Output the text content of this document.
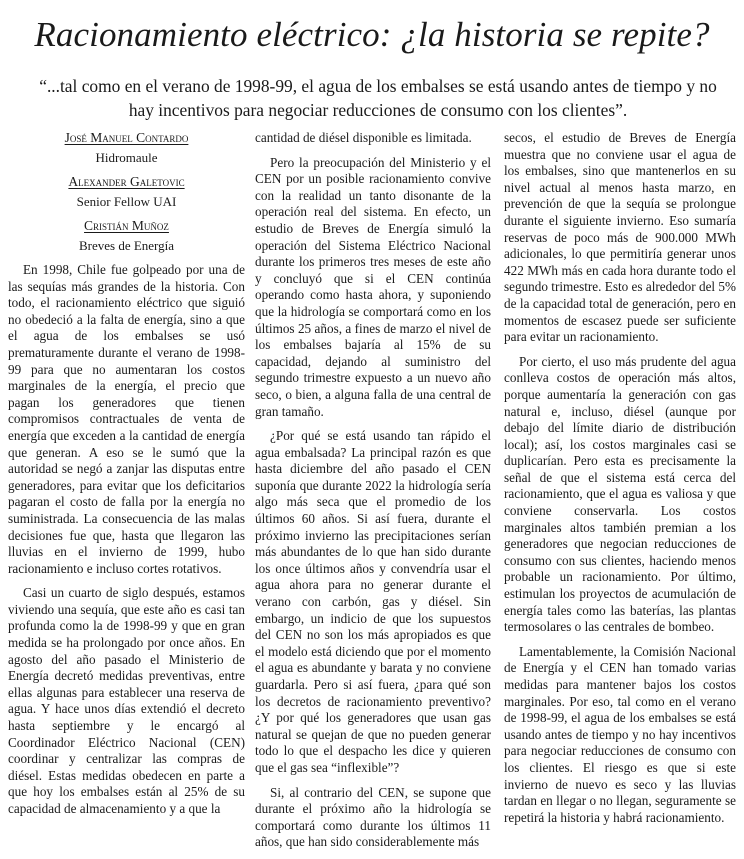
Racionamiento eléctrico: ¿la historia se repite?
“...tal como en el verano de 1998-99, el agua de los embalses se está usando antes de tiempo y no hay incentivos para negociar reducciones de consumo con los clientes”.

José Manuel Contardo

Hidromaule

Alexander Galetovic

Senior Fellow UAI

Cristián Muñoz

Breves de Energía

En 1998, Chile fue golpeado por una de las sequías más grandes de la historia. Con todo, el racionamiento eléctrico que siguió no obedeció a la falta de energía, sino a que el agua de los embalses se usó prematuramente durante el verano de 1998-99 para que no aumentaran los costos marginales de la energía, el precio que pagan los generadores que tienen compromisos contractuales de venta de energía que exceden a la cantidad de energía que generan. A eso se le sumó que la autoridad se negó a zanjar las disputas entre generadores, para evitar que los deficitarios pagaran el costo de falla por la energía no suministrada. La consecuencia de las malas decisiones fue que, hasta que llegaron las lluvias en el invierno de 1999, hubo racionamiento e incluso cortes rotativos.

Casi un cuarto de siglo después, estamos viviendo una sequía, que este año es casi tan profunda como la de 1998-99 y que en gran medida se ha prolongado por once años. En agosto del año pasado el Ministerio de Energía decretó medidas preventivas, entre ellas algunas para establecer una reserva de agua. Y hace unos días extendió el decreto hasta septiembre y le encargó al Coordinador Eléctrico Nacional (CEN) coordinar y centralizar las compras de diésel. Estas medidas obedecen en parte a que hoy los embalses están al 25% de su capacidad de almacenamiento y a que la

cantidad de diésel disponible es limitada.

Pero la preocupación del Ministerio y el CEN por un posible racionamiento convive con la realidad un tanto disonante de la operación real del sistema. En efecto, un estudio de Breves de Energía simuló la operación del Sistema Eléctrico Nacional durante los primeros tres meses de este año y concluyó que si el CEN continúa operando como hasta ahora, y suponiendo que la hidrología se comportará como en los últimos 25 años, a fines de marzo el nivel de los embalses bajaría al 15% de su capacidad, dejando al suministro del segundo trimestre expuesto a un nuevo año seco, o bien, a alguna falla de una central de gran tamaño.

¿Por qué se está usando tan rápido el agua embalsada? La principal razón es que hasta diciembre del año pasado el CEN suponía que durante 2022 la hidrología sería algo más seca que el promedio de los últimos 60 años. Si así fuera, durante el próximo invierno las precipitaciones serían más abundantes de lo que han sido durante los once últimos años y convendría usar el agua ahora para no generar durante el verano con carbón, gas y diésel. Sin embargo, un indicio de que los supuestos del CEN no son los más apropiados es que el modelo está diciendo que por el momento el agua es abundante y barata y no conviene guardarla. Pero si así fuera, ¿para qué son los decretos de racionamiento preventivo? ¿Y por qué los generadores que usan gas natural se quejan de que no pueden generar todo lo que el despacho les dice y quieren que el gas sea “inflexible”?

Si, al contrario del CEN, se supone que durante el próximo año la hidrología se comportará como durante los últimos 11 años, que han sido considerablemente más

secos, el estudio de Breves de Energía muestra que no conviene usar el agua de los embalses, sino que mantenerlos en su nivel actual al menos hasta marzo, en prevención de que la sequía se prolongue durante el siguiente invierno. Eso sumaría reservas de poco más de 900.000 MWh adicionales, lo que permitiría generar unos 422 MWh más en cada hora durante todo el segundo trimestre. Esto es alrededor del 5% de la capacidad total de generación, pero en momentos de escasez puede ser suficiente para evitar un racionamiento.

Por cierto, el uso más prudente del agua conlleva costos de operación más altos, porque aumentaría la generación con gas natural e, incluso, diésel (aunque por debajo del límite diario de distribución local); así, los costos marginales casi se duplicarían. Pero esta es precisamente la señal de que el sistema está cerca del racionamiento, que el agua es valiosa y que conviene conservarla. Los costos marginales altos también premian a los generadores que negocian reducciones de consumo con sus clientes, haciendo menos probable un racionamiento. Por último, estimulan los proyectos de acumulación de energía tales como las baterías, las plantas termosolares o las centrales de bombeo.

Lamentablemente, la Comisión Nacional de Energía y el CEN han tomado varias medidas para mantener bajos los costos marginales. Por eso, tal como en el verano de 1998-99, el agua de los embalses se está usando antes de tiempo y no hay incentivos para negociar reducciones de consumo con los clientes. El riesgo es que si este invierno de nuevo es seco y las lluvias tardan en llegar o no llegan, seguramente se repetirá la historia y habrá racionamiento.
